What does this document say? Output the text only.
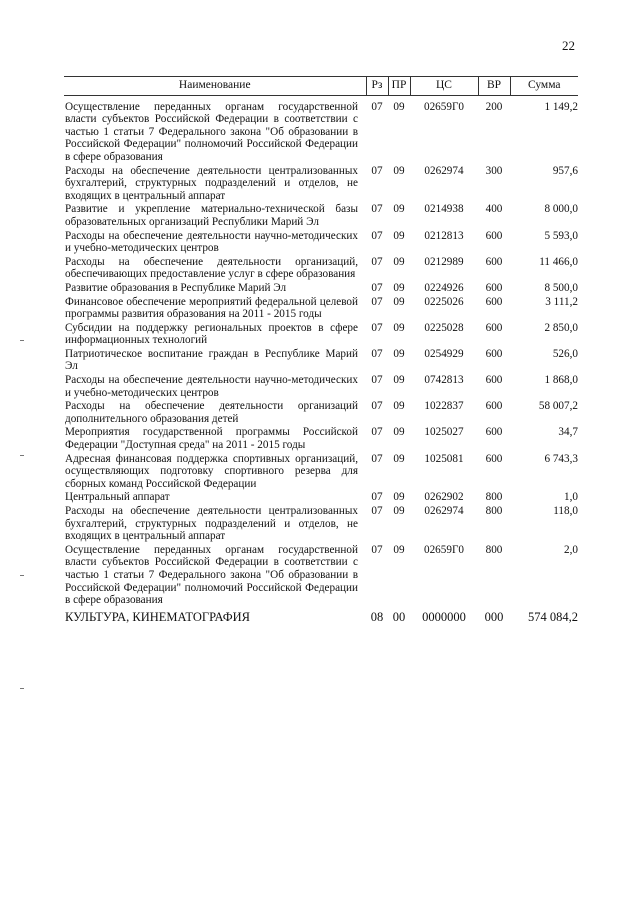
22
Наименование	Рз	ПР	ЦС	ВР	Сумма
Осуществление переданных органам государственной власти субъектов Российской Федерации в соответствии с частью 1 статьи 7 Федерального закона "Об образовании в Российской Федерации" полномочий Российской Федерации в сфере образования	07	09	02659Г0	200	1 149,2
Расходы на обеспечение деятельности централизованных бухгалтерий, структурных подразделений и отделов, не входящих в центральный аппарат	07	09	0262974	300	957,6
Развитие и укрепление материально-технической базы образовательных организаций Республики Марий Эл	07	09	0214938	400	8 000,0
Расходы на обеспечение деятельности научно-методических и учебно-методических центров	07	09	0212813	600	5 593,0
Расходы на обеспечение деятельности организаций, обеспечивающих предоставление услуг в сфере образования	07	09	0212989	600	11 466,0
Развитие образования в Республике Марий Эл	07	09	0224926	600	8 500,0
Финансовое обеспечение мероприятий федеральной целевой программы развития образования на 2011 - 2015 годы	07	09	0225026	600	3 111,2
Субсидии на поддержку региональных проектов в сфере информационных технологий	07	09	0225028	600	2 850,0
Патриотическое воспитание граждан в Республике Марий Эл	07	09	0254929	600	526,0
Расходы на обеспечение деятельности научно-методических и учебно-методических центров	07	09	0742813	600	1 868,0
Расходы на обеспечение деятельности организаций дополнительного образования детей	07	09	1022837	600	58 007,2
Мероприятия государственной программы Российской Федерации "Доступная среда" на 2011 - 2015 годы	07	09	1025027	600	34,7
Адресная финансовая поддержка спортивных организаций, осуществляющих подготовку спортивного резерва для сборных команд Российской Федерации	07	09	1025081	600	6 743,3
Центральный аппарат	07	09	0262902	800	1,0
Расходы на обеспечение деятельности централизованных бухгалтерий, структурных подразделений и отделов, не входящих в центральный аппарат	07	09	0262974	800	118,0
Осуществление переданных органам государственной власти субъектов Российской Федерации в соответствии с частью 1 статьи 7 Федерального закона "Об образовании в Российской Федерации" полномочий Российской Федерации в сфере образования	07	09	02659Г0	800	2,0
КУЛЬТУРА, КИНЕМАТОГРАФИЯ	08	00	0000000	000	574 084,2
